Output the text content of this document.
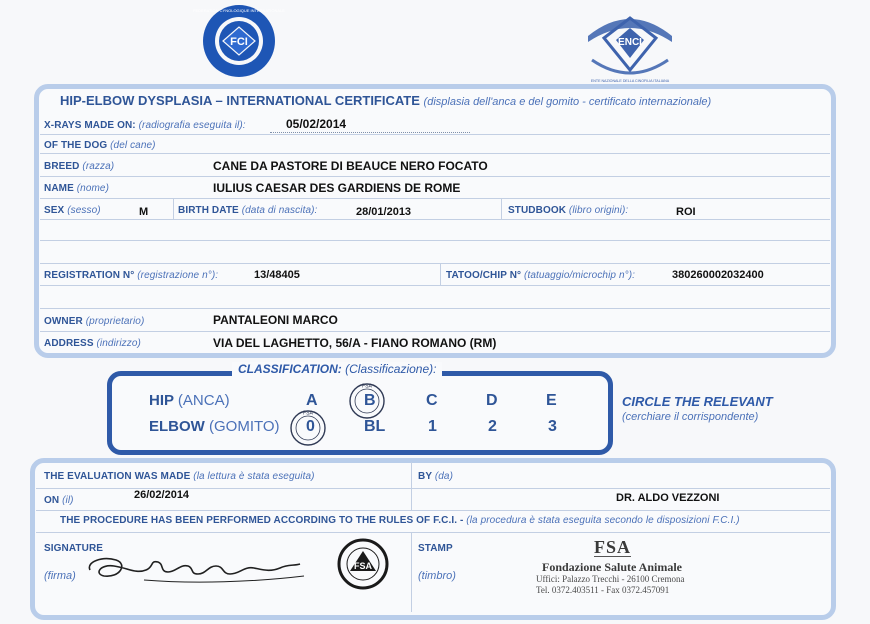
FCI
FEDERATION CYNOLOGIQUE INTERNATIONALE
ENCI
ENTE NAZIONALE DELLA CINOFILIA ITALIANA
HIP-ELBOW DYSPLASIA – INTERNATIONAL CERTIFICATE (displasia dell'anca e del gomito - certificato internazionale)
X-RAYS MADE ON: (radiografia eseguita il):	05/02/2014
OF THE DOG (del cane)
BREED (razza)	CANE DA PASTORE DI BEAUCE NERO FOCATO
NAME (nome)	IULIUS CAESAR DES GARDIENS DE ROME
SEX (sesso)	M	BIRTH DATE (data di nascita):	28/01/2013	STUDBOOK (libro origini):	ROI
REGISTRATION N° (registrazione n°):	13/48405	TATOO/CHIP N° (tatuaggio/microchip n°):	380260002032400
OWNER (proprietario)	PANTALEONI MARCO
ADDRESS (indirizzo)	VIA DEL LAGHETTO, 56/A - FIANO ROMANO (RM)
CLASSIFICATION: (Classificazione):
HIP (ANCA)
ELBOW (GOMITO)
A	B	C	D	E
0	BL	1	2	3
FSA
FSA
CIRCLE THE RELEVANT
(cerchiare il corrispondente)
THE EVALUATION WAS MADE (la lettura è stata eseguita)	BY (da)
ON (il)	26/02/2014	DR. ALDO VEZZONI
THE PROCEDURE HAS BEEN PERFORMED ACCORDING TO THE RULES OF F.C.I. - (la procedura è stata eseguita secondo le disposizioni F.C.I.)
SIGNATURE
(firma)
STAMP
(timbro)
FSA
FSA
Fondazione Salute Animale
Uffici: Palazzo Trecchi - 26100 Cremona
Tel. 0372.403511 - Fax 0372.457091
